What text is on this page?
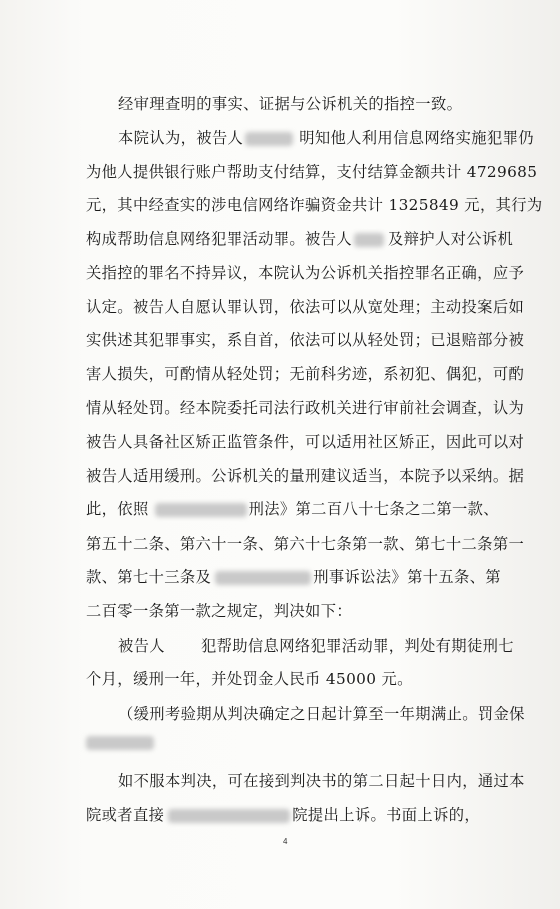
经审理查明的事实、证据与公诉机关的指控一致。
本院认为，被告人	明知他人利用信息网络实施犯罪仍
为他人提供银行账户帮助支付结算，支付结算金额共计 4729685
元，其中经查实的涉电信网络诈骗资金共计 1325849 元，其行为
构成帮助信息网络犯罪活动罪。被告人 及辩护人对公诉机
关指控的罪名不持异议，本院认为公诉机关指控罪名正确，应予
认定。被告人自愿认罪认罚，依法可以从宽处理；主动投案后如
实供述其犯罪事实，系自首，依法可以从轻处罚；已退赔部分被
害人损失，可酌情从轻处罚；无前科劣迹，系初犯、偶犯，可酌
情从轻处罚。经本院委托司法行政机关进行审前社会调查，认为
被告人具备社区矫正监管条件，可以适用社区矫正，因此可以对
被告人适用缓刑。公诉机关的量刑建议适当，本院予以采纳。据
此，依照	刑法》第二百八十七条之二第一款、
第五十二条、第六十一条、第六十七条第一款、第七十二条第一
款、第七十三条及	刑事诉讼法》第十五条、第
二百零一条第一款之规定，判决如下：
被告人 犯帮助信息网络犯罪活动罪，判处有期徒刑七
个月，缓刑一年，并处罚金人民币 45000 元。
（缓刑考验期从判决确定之日起计算至一年期满止。罚金保
如不服本判决，可在接到判决书的第二日起十日内，通过本
院或者直接	院提出上诉。书面上诉的，
4
